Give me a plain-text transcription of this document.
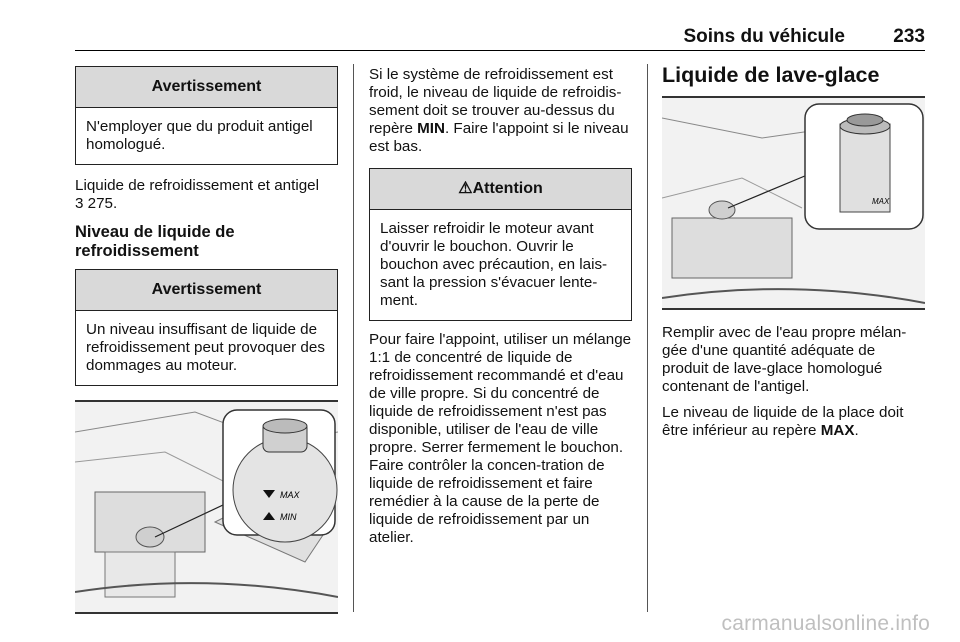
Soins du véhicule	233
Avertissement
N'employer que du produit antigel homologué.

Liquide de refroidissement et antigel
3 275.

Niveau de liquide de refroidissement
Avertissement
Un niveau insuffisant de liquide de refroidissement peut provoquer des dommages au moteur.
MAX
MIN

Si le système de refroidissement est froid, le niveau de liquide de refroidis-sement doit se trouver au-dessus du repère MIN. Faire l'appoint si le niveau est bas.

⚠Attention
Laisser refroidir le moteur avant d'ouvrir le bouchon. Ouvrir le bouchon avec précaution, en lais-sant la pression s'évacuer lente-ment.

Pour faire l'appoint, utiliser un mélange 1:1 de concentré de liquide de refroidissement recommandé et d'eau de ville propre. Si du concentré de liquide de refroidissement n'est pas disponible, utiliser de l'eau de ville propre. Serrer fermement le bouchon. Faire contrôler la concen-tration de liquide de refroidissement et faire remédier à la cause de la perte de liquide de refroidissement par un atelier.

Liquide de lave-glace
MAX

Remplir avec de l'eau propre mélan-gée d'une quantité adéquate de produit de lave-glace homologué contenant de l'antigel.

Le niveau de liquide de la place doit être inférieur au repère MAX.

carmanualsonline.info
